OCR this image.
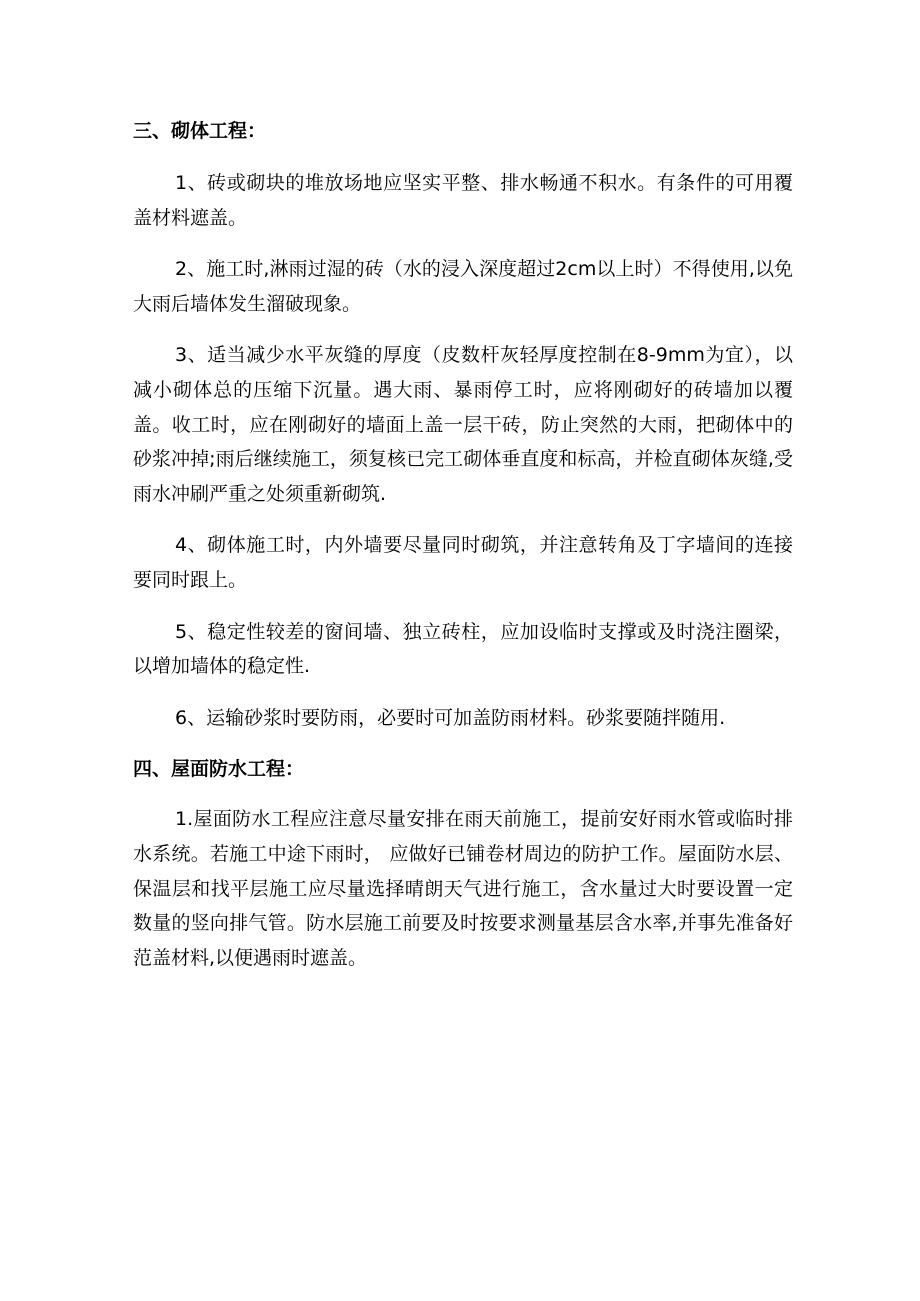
三、砌体工程：

1、砖或砌块的堆放场地应坚实平整、排水畅通不积水。有条件的可用覆盖材料遮盖。

2、施工时,淋雨过湿的砖（水的浸入深度超过2cm以上时）不得使用,以免大雨后墙体发生溜破现象。

3、适当减少水平灰缝的厚度（皮数杆灰轻厚度控制在8-9mm为宜），以减小砌体总的压缩下沉量。遇大雨、暴雨停工时，应将刚砌好的砖墙加以覆盖。收工时，应在刚砌好的墙面上盖一层干砖，防止突然的大雨，把砌体中的砂浆冲掉;雨后继续施工，须复核已完工砌体垂直度和标高，并检直砌体灰缝,受雨水冲刷严重之处须重新砌筑.

4、砌体施工时，内外墙要尽量同时砌筑，并注意转角及丁字墙间的连接要同时跟上。

5、稳定性较差的窗间墙、独立砖柱，应加设临时支撑或及时浇注圈梁，以增加墙体的稳定性.

6、运输砂浆时要防雨，必要时可加盖防雨材料。砂浆要随拌随用.

四、屋面防水工程：

1.屋面防水工程应注意尽量安排在雨天前施工，提前安好雨水管或临时排水系统。若施工中途下雨时， 应做好已铺卷材周边的防护工作。屋面防水层、保温层和找平层施工应尽量选择晴朗天气进行施工，含水量过大时要设置一定数量的竖向排气管。防水层施工前要及时按要求测量基层含水率,并事先准备好范盖材料,以便遇雨时遮盖。
